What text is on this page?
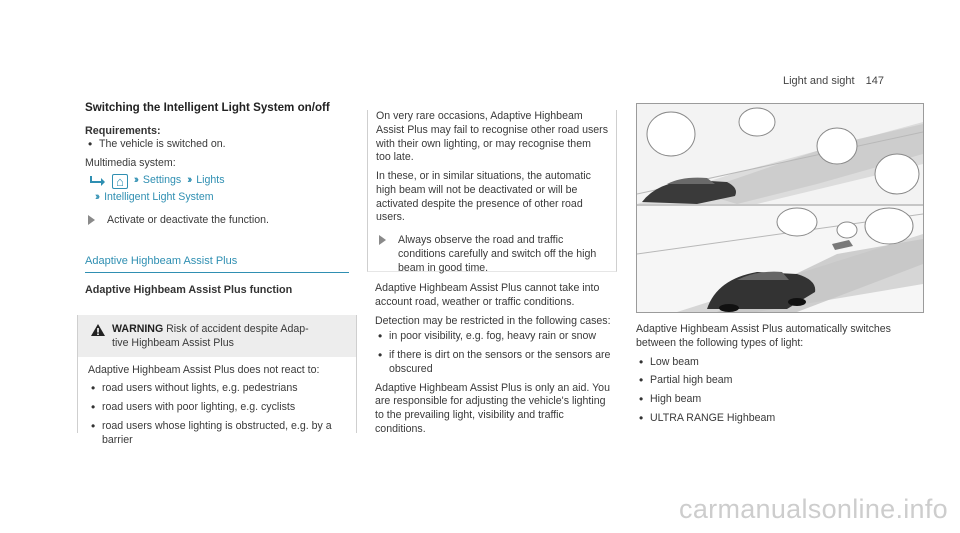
Light and sight 147
Switching the Intelligent Light System on/off
Requirements:
• The vehicle is switched on.

Multimedia system:

⌂ ›› Settings ›› Lights
›› Intelligent Light System
Activate or deactivate the function.
Adaptive Highbeam Assist Plus
Adaptive Highbeam Assist Plus function
WARNING Risk of accident despite Adap-
tive Highbeam Assist Plus

Adaptive Highbeam Assist Plus does not react to:

• road users without lights, e.g. pedestrians
• road users with poor lighting, e.g. cyclists
• road users whose lighting is obstructed, e.g. by a barrier

On very rare occasions, Adaptive Highbeam Assist Plus may fail to recognise other road users with their own lighting, or may recognise them too late.

In these, or in similar situations, the automatic high beam will not be deactivated or will be activated despite the presence of other road users.

Always observe the road and traffic conditions carefully and switch off the high beam in good time.

Adaptive Highbeam Assist Plus cannot take into account road, weather or traffic conditions.

Detection may be restricted in the following cases:

• in poor visibility, e.g. fog, heavy rain or snow
• if there is dirt on the sensors or the sensors are obscured

Adaptive Highbeam Assist Plus is only an aid. You are responsible for adjusting the vehicle's lighting to the prevailing light, visibility and traffic conditions.

Adaptive Highbeam Assist Plus automatically switches between the following types of light:

• Low beam
• Partial high beam
• High beam
• ULTRA RANGE Highbeam
carmanualsonline.info
